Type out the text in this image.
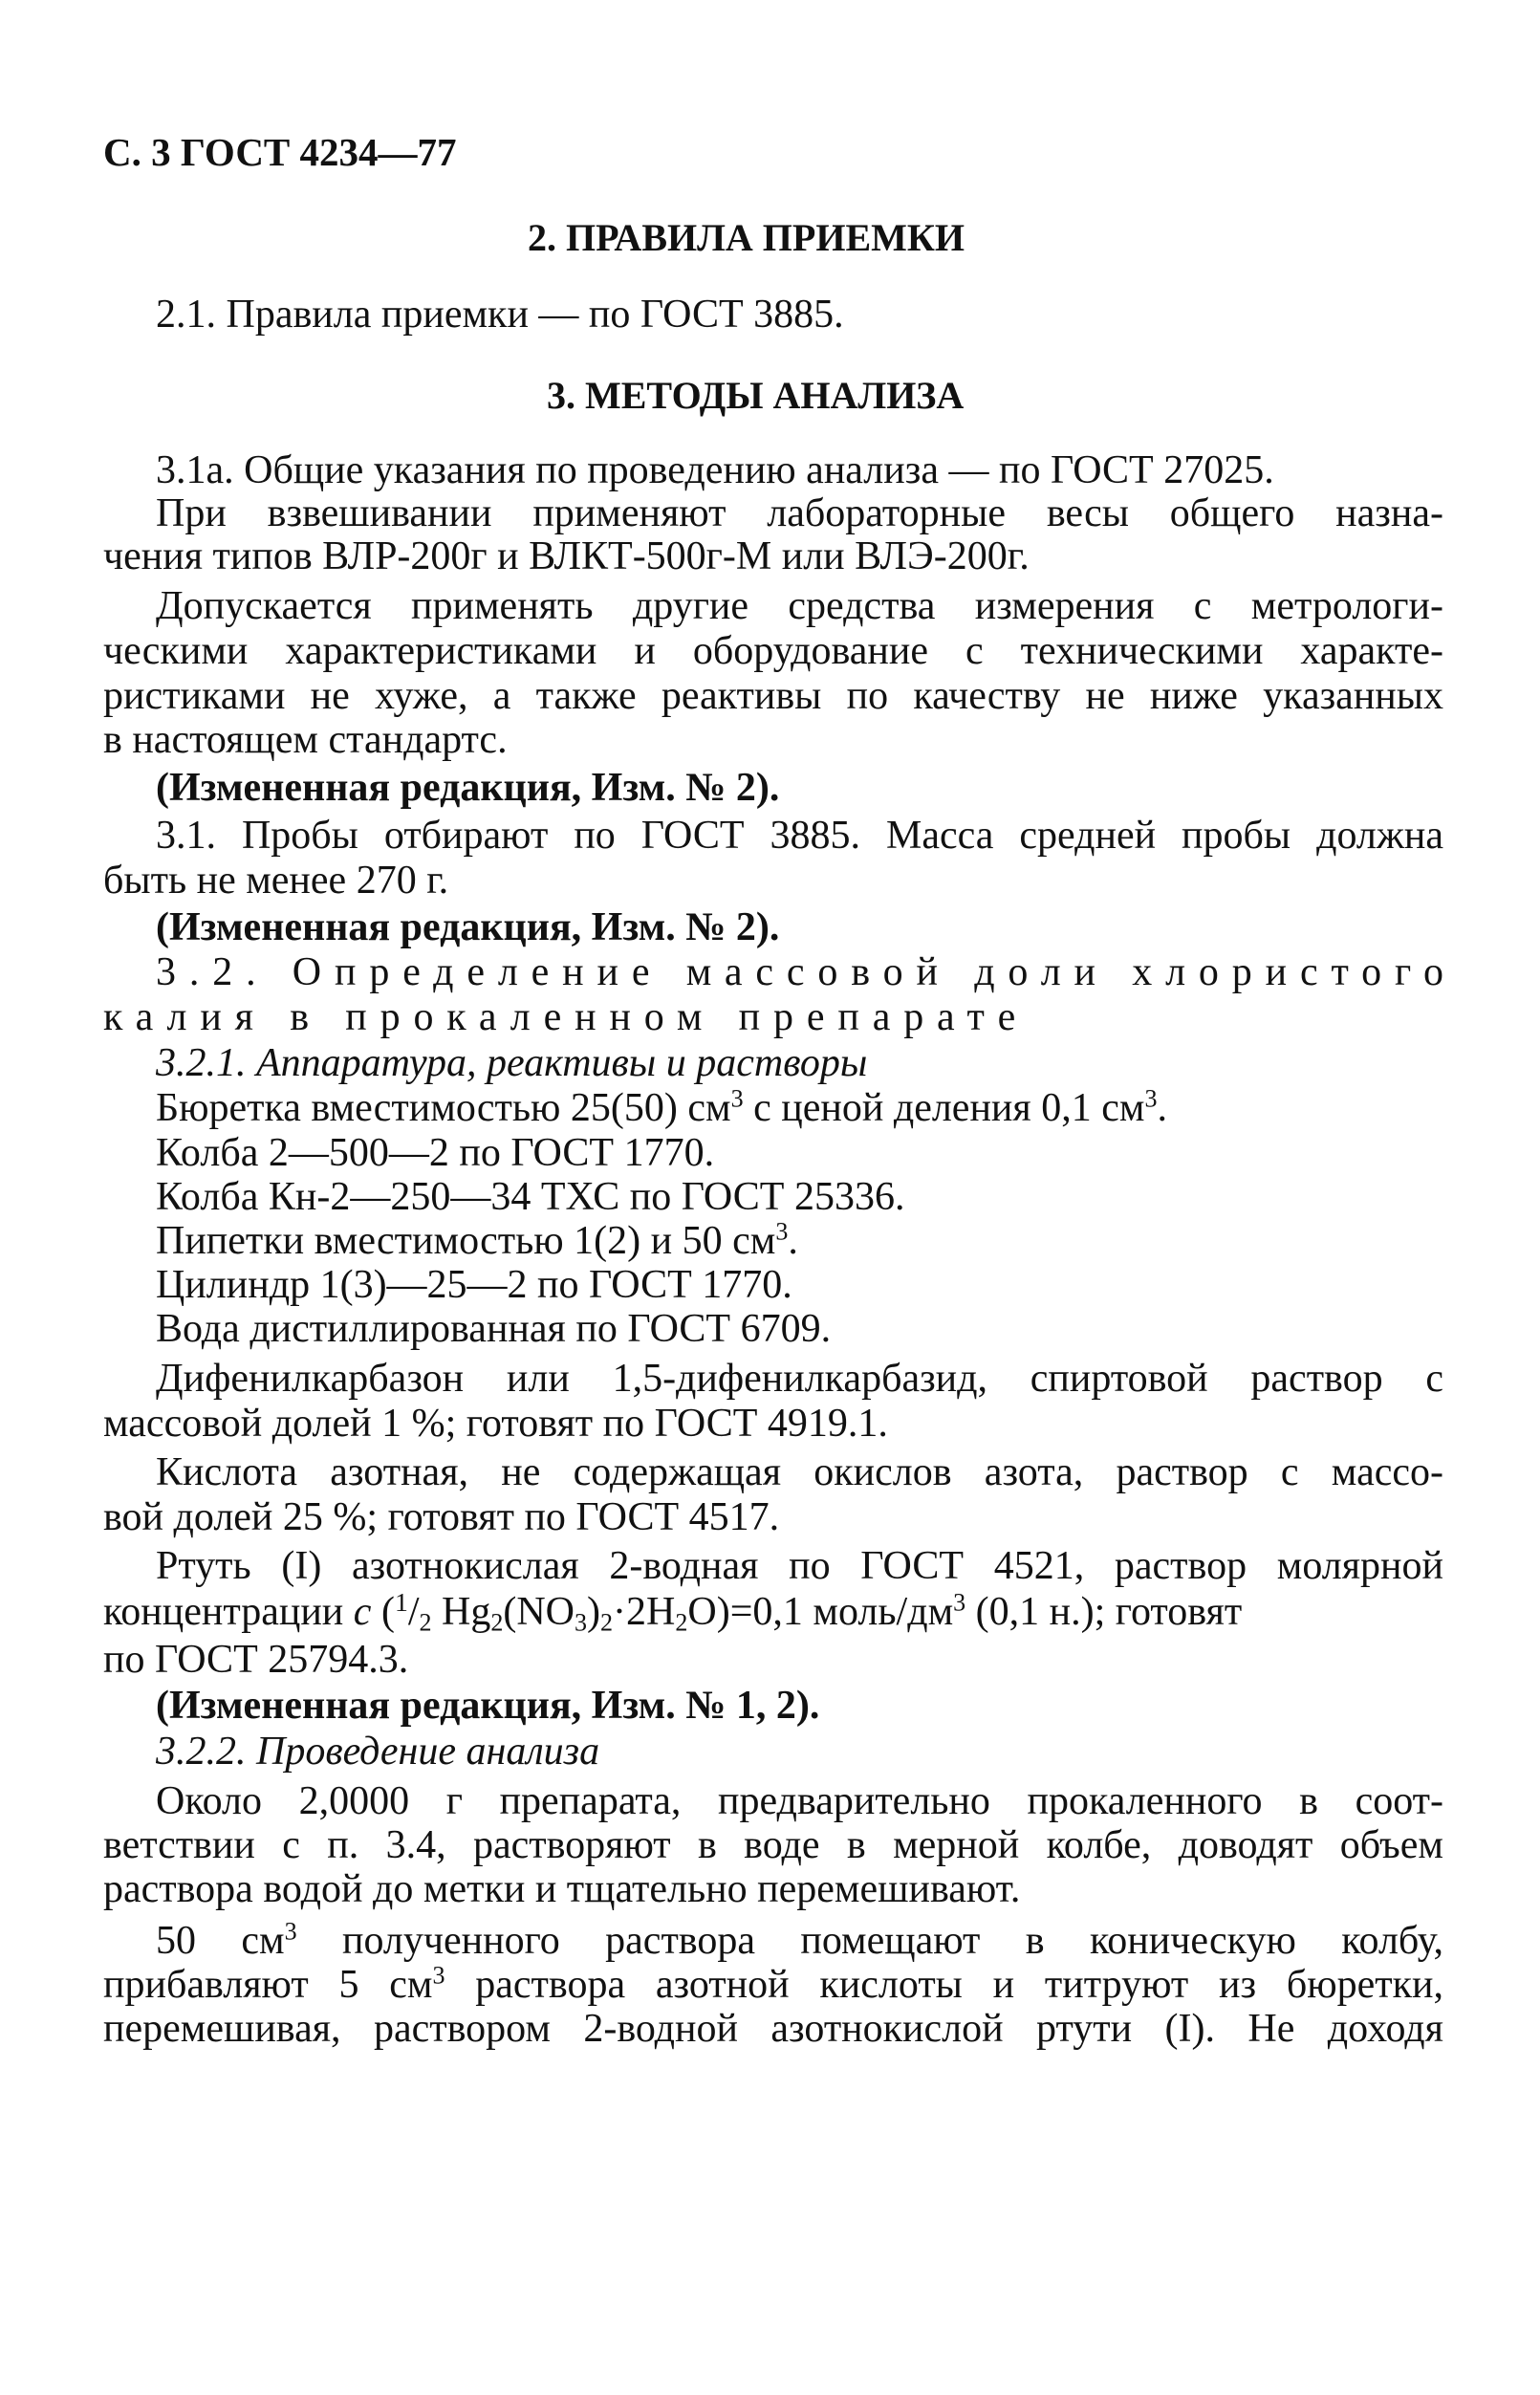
С. 3 ГОСТ 4234—77

2. ПРАВИЛА ПРИЕМКИ

2.1. Правила приемки — по ГОСТ 3885.

3. МЕТОДЫ АНАЛИЗА

3.1а. Общие указания по проведению анализа — по ГОСТ 27025.

При взвешивании применяют лабораторные весы общего назна-

чения типов ВЛР-200г и ВЛКТ-500г-М или ВЛЭ-200г.

Допускается применять другие средства измерения с метрологи-

ческими характеристиками и оборудование с техническими характе-

ристиками не хуже, а также реактивы по качеству не ниже указанных

в настоящем стандартс.

(Измененная редакция, Изм. № 2).

3.1. Пробы отбирают по ГОСТ 3885. Масса средней пробы должна

быть не менее 270 г.

(Измененная редакция, Изм. № 2).

3.2. Определение массовой доли хлористого

калия в прокаленном препарате

3.2.1. Аппаратура, реактивы и растворы

Бюретка вместимостью 25(50) $см^3$ с ценой деления 0,1 $см^3$.

Колба 2—500—2 по ГОСТ 1770.

Колба Кн-2—250—34 ТХС по ГОСТ 25336.

Пипетки вместимостью 1(2) и 50 $см^3$.

Цилиндр 1(3)—25—2 по ГОСТ 1770.

Вода дистиллированная по ГОСТ 6709.

Дифенилкарбазон или 1,5-дифенилкарбазид, спиртовой раствор с

массовой долей 1 %; готовят по ГОСТ 4919.1.

Кислота азотная, не содержащая окислов азота, раствор с массо-

вой долей 25 %; готовят по ГОСТ 4517.

Ртуть (I) азотнокислая 2-водная по ГОСТ 4521, раствор молярной

концентрации c ($^1/_2$ $Hg_2(NO_3)_2\cdot 2H_2O)=0,1$ моль/$дм^3$ (0,1 н.); готовят

по ГОСТ 25794.3.

(Измененная редакция, Изм. № 1, 2).

3.2.2. Проведение анализа

Около 2,0000 г препарата, предварительно прокаленного в соот-

ветствии с п. 3.4, растворяют в воде в мерной колбе, доводят объем

раствора водой до метки и тщательно перемешивают.

50 $см^3$ полученного раствора помещают в коническую колбу,

прибавляют 5 $см^3$ раствора азотной кислоты и титруют из бюретки,

перемешивая, раствором 2-водной азотнокислой ртути (I). Не доходя
